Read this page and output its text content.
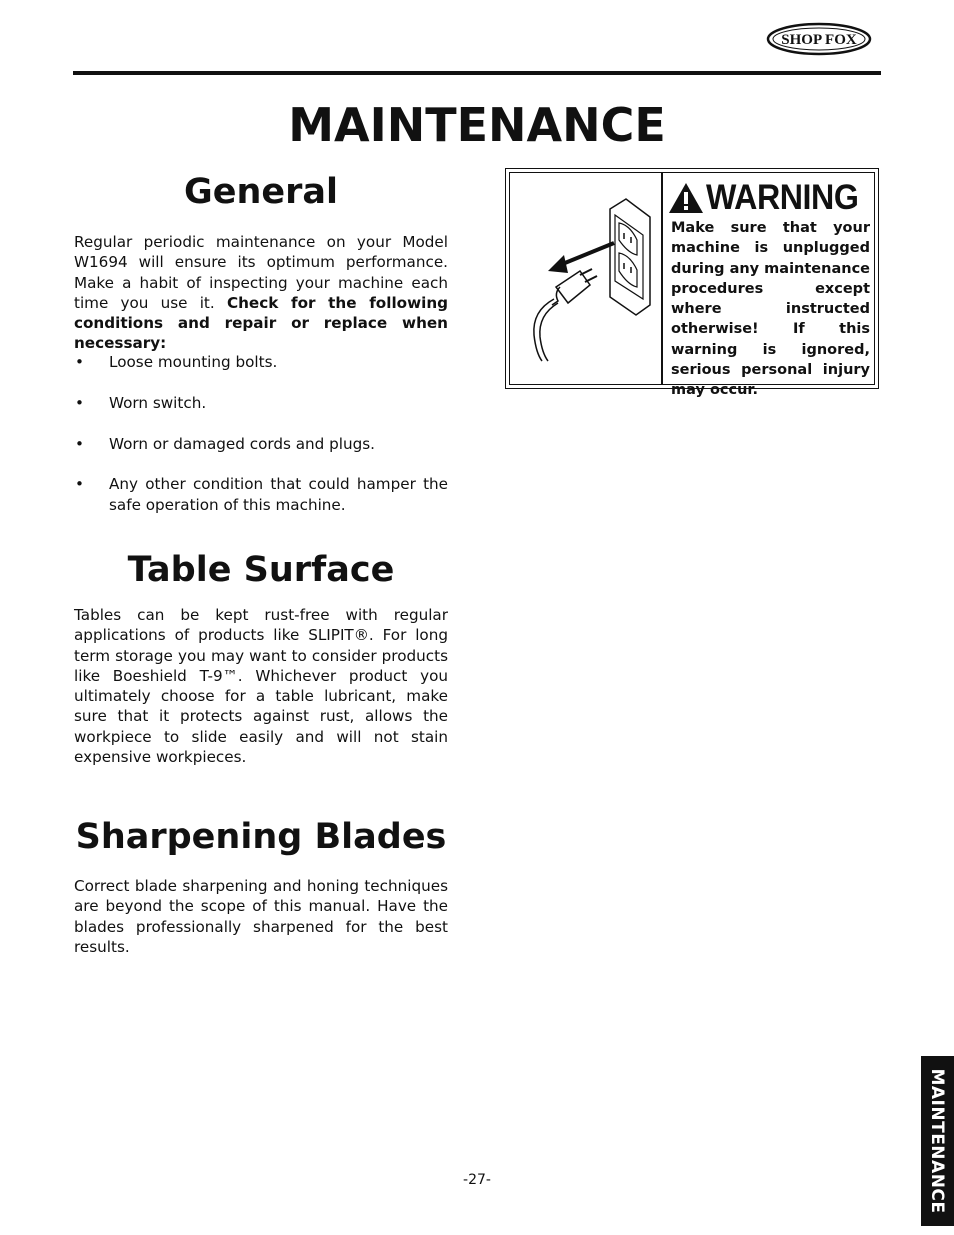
SHOP FOX
MAINTENANCE
General

Regular periodic maintenance on your Model W1694 will ensure its optimum performance. Make a habit of inspecting your machine each time you use it. Check for the following conditions and repair or replace when necessary:

• Loose mounting bolts.
• Worn switch.
• Worn or damaged cords and plugs.
• Any other condition that could hamper the safe operation of this machine.
Table Surface

Tables can be kept rust-free with regular applications of products like SLIPIT®. For long term storage you may want to consider products like Boeshield T-9™. Whichever product you ultimately choose for a table lubricant, make sure that it protects against rust, allows the workpiece to slide easily and will not stain expensive workpieces.

Sharpening Blades

Correct blade sharpening and honing techniques are beyond the scope of this manual. Have the blades professionally sharpened for the best results.

WARNING

Make sure that your machine is unplugged during any maintenance procedures except where instructed otherwise! If this warning is ignored, serious personal injury may occur.

-27-	MAINTENANCE
